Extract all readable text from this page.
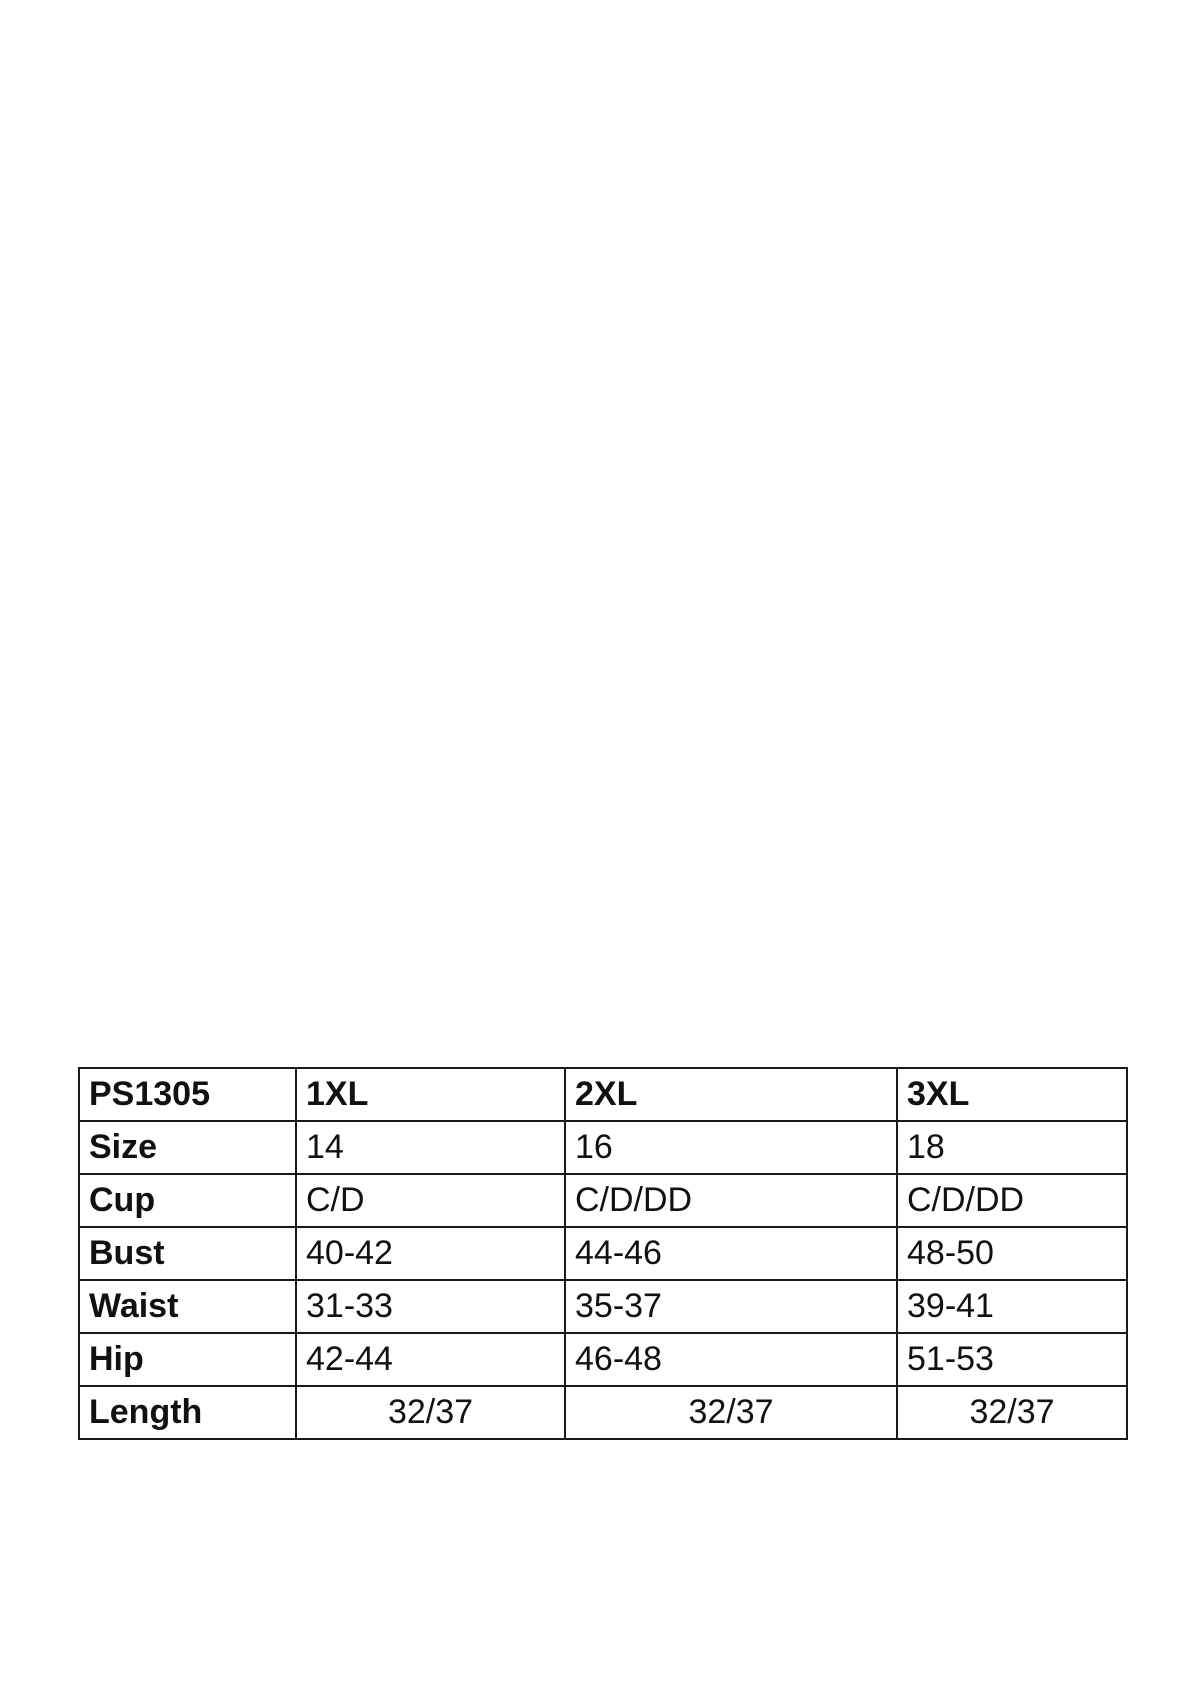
PS1305	1XL	2XL	3XL
Size	14	16	18
Cup	C/D	C/D/DD	C/D/DD
Bust	40-42	44-46	48-50
Waist	31-33	35-37	39-41
Hip	42-44	46-48	51-53
Length	32/37	32/37	32/37
